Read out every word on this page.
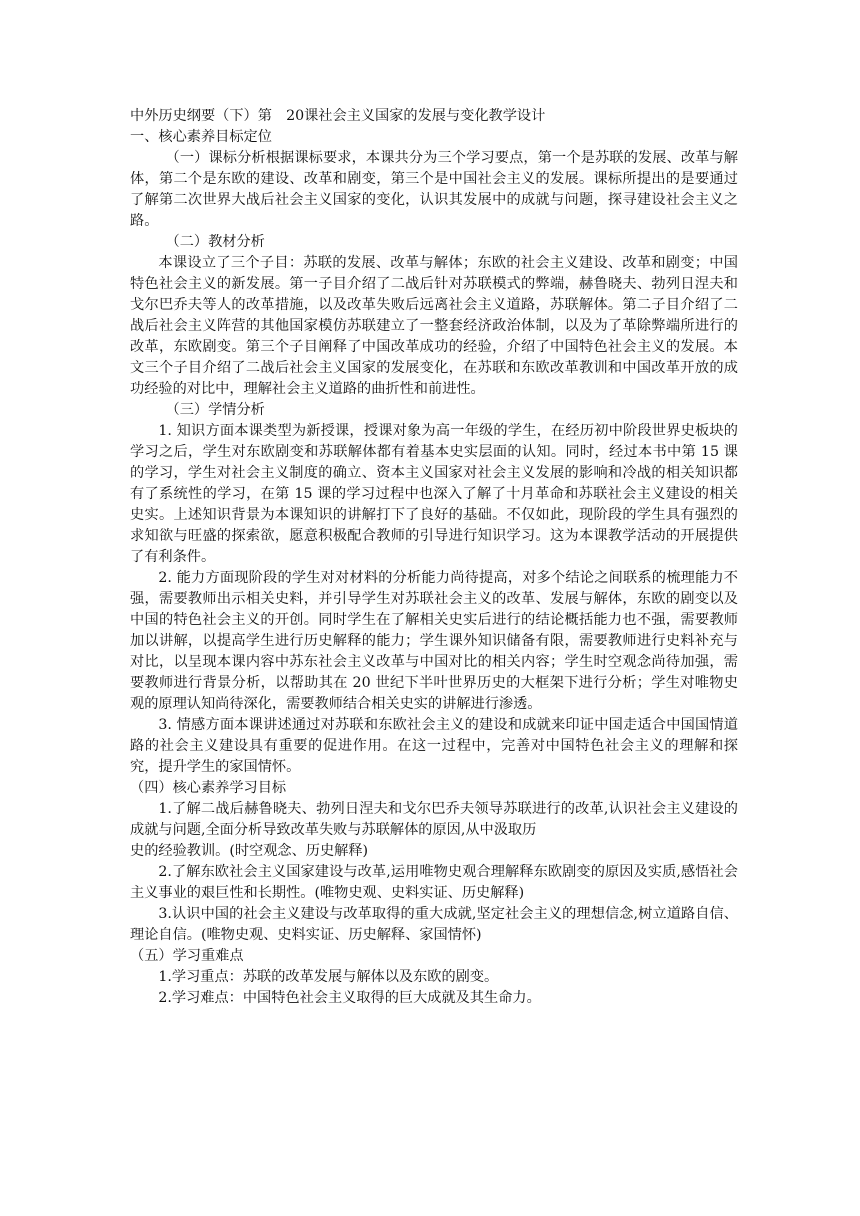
中外历史纲要（下）第　20课社会主义国家的发展与变化教学设计
一、核心素养目标定位

（一）课标分析根据课标要求，本课共分为三个学习要点，第一个是苏联的发展、改革与解体，第二个是东欧的建设、改革和剧变，第三个是中国社会主义的发展。课标所提出的是要通过了解第二次世界大战后社会主义国家的变化，认识其发展中的成就与问题，探寻建设社会主义之路。

（二）教材分析

本课设立了三个子目：苏联的发展、改革与解体；东欧的社会主义建设、改革和剧变；中国特色社会主义的新发展。第一子目介绍了二战后针对苏联模式的弊端，赫鲁晓夫、勃列日涅夫和戈尔巴乔夫等人的改革措施，以及改革失败后远离社会主义道路，苏联解体。第二子目介绍了二战后社会主义阵营的其他国家模仿苏联建立了一整套经济政治体制，以及为了革除弊端所进行的改革，东欧剧变。第三个子目阐释了中国改革成功的经验，介绍了中国特色社会主义的发展。本文三个子目介绍了二战后社会主义国家的发展变化，在苏联和东欧改革教训和中国改革开放的成功经验的对比中，理解社会主义道路的曲折性和前进性。

（三）学情分析

1. 知识方面本课类型为新授课，授课对象为高一年级的学生，在经历初中阶段世界史板块的学习之后，学生对东欧剧变和苏联解体都有着基本史实层面的认知。同时，经过本书中第 15 课的学习，学生对社会主义制度的确立、资本主义国家对社会主义发展的影响和冷战的相关知识都有了系统性的学习，在第 15 课的学习过程中也深入了解了十月革命和苏联社会主义建设的相关史实。上述知识背景为本课知识的讲解打下了良好的基础。不仅如此，现阶段的学生具有强烈的求知欲与旺盛的探索欲，愿意积极配合教师的引导进行知识学习。这为本课教学活动的开展提供了有利条件。

2. 能力方面现阶段的学生对对材料的分析能力尚待提高，对多个结论之间联系的梳理能力不强，需要教师出示相关史料，并引导学生对苏联社会主义的改革、发展与解体，东欧的剧变以及中国的特色社会主义的开创。同时学生在了解相关史实后进行的结论概括能力也不强，需要教师加以讲解，以提高学生进行历史解释的能力；学生课外知识储备有限，需要教师进行史料补充与对比，以呈现本课内容中苏东社会主义改革与中国对比的相关内容；学生时空观念尚待加强，需要教师进行背景分析，以帮助其在 20 世纪下半叶世界历史的大框架下进行分析；学生对唯物史观的原理认知尚待深化，需要教师结合相关史实的讲解进行渗透。

3. 情感方面本课讲述通过对苏联和东欧社会主义的建设和成就来印证中国走适合中国国情道路的社会主义建设具有重要的促进作用。在这一过程中，完善对中国特色社会主义的理解和探究，提升学生的家国情怀。

（四）核心素养学习目标

1.了解二战后赫鲁晓夫、勃列日涅夫和戈尔巴乔夫领导苏联进行的改革,认识社会主义建设的成就与问题,全面分析导致改革失败与苏联解体的原因,从中汲取历

史的经验教训。(时空观念、历史解释)

2.了解东欧社会主义国家建设与改革,运用唯物史观合理解释东欧剧变的原因及实质,感悟社会主义事业的艰巨性和长期性。(唯物史观、史料实证、历史解释)

3.认识中国的社会主义建设与改革取得的重大成就,坚定社会主义的理想信念,树立道路自信、理论自信。(唯物史观、史料实证、历史解释、家国情怀)

（五）学习重难点

1.学习重点：苏联的改革发展与解体以及东欧的剧变。

2.学习难点：中国特色社会主义取得的巨大成就及其生命力。
